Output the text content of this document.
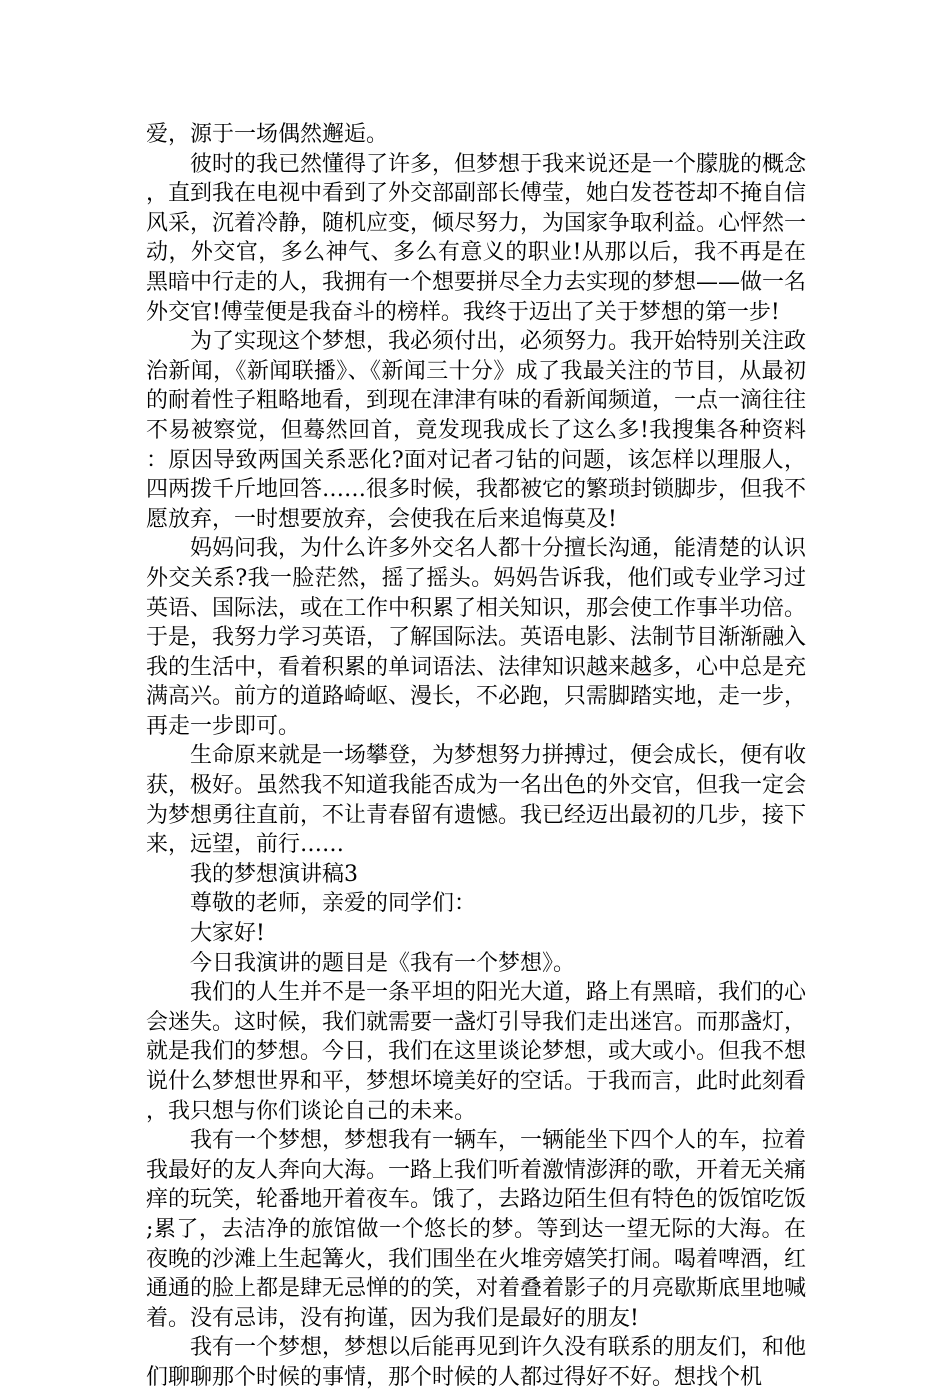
爱，源于一场偶然邂逅。

彼时的我已然懂得了许多，但梦想于我来说还是一个朦胧的概念，直到我在电视中看到了外交部副部长傅莹，她白发苍苍却不掩自信风采，沉着冷静，随机应变，倾尽努力，为国家争取利益。心怦然一动，外交官，多么神气、多么有意义的职业!从那以后，我不再是在黑暗中行走的人，我拥有一个想要拼尽全力去实现的梦想——做一名外交官!傅莹便是我奋斗的榜样。我终于迈出了关于梦想的第一步!

为了实现这个梦想，我必须付出，必须努力。我开始特别关注政治新闻，《新闻联播》、《新闻三十分》成了我最关注的节目，从最初的耐着性子粗略地看，到现在津津有味的看新闻频道，一点一滴往往不易被察觉，但蓦然回首，竟发现我成长了这么多!我搜集各种资料：原因导致两国关系恶化?面对记者刁钻的问题，该怎样以理服人，四两拨千斤地回答……很多时候，我都被它的繁琐封锁脚步，但我不愿放弃，一时想要放弃，会使我在后来追悔莫及!

妈妈问我，为什么许多外交名人都十分擅长沟通，能清楚的认识外交关系?我一脸茫然，摇了摇头。妈妈告诉我，他们或专业学习过英语、国际法，或在工作中积累了相关知识，那会使工作事半功倍。于是，我努力学习英语，了解国际法。英语电影、法制节目渐渐融入我的生活中，看着积累的单词语法、法律知识越来越多，心中总是充满高兴。前方的道路崎岖、漫长，不必跑，只需脚踏实地，走一步，再走一步即可。

生命原来就是一场攀登，为梦想努力拼搏过，便会成长，便有收获，极好。虽然我不知道我能否成为一名出色的外交官，但我一定会为梦想勇往直前，不让青春留有遗憾。我已经迈出最初的几步，接下来，远望，前行……

我的梦想演讲稿3

尊敬的老师，亲爱的同学们：

大家好!

今日我演讲的题目是《我有一个梦想》。

我们的人生并不是一条平坦的阳光大道，路上有黑暗，我们的心会迷失。这时候，我们就需要一盏灯引导我们走出迷宫。而那盏灯，就是我们的梦想。今日，我们在这里谈论梦想，或大或小。但我不想说什么梦想世界和平，梦想坏境美好的空话。于我而言，此时此刻看，我只想与你们谈论自己的未来。

我有一个梦想，梦想我有一辆车，一辆能坐下四个人的车，拉着我最好的友人奔向大海。一路上我们听着激情澎湃的歌，开着无关痛痒的玩笑，轮番地开着夜车。饿了，去路边陌生但有特色的饭馆吃饭;累了，去洁净的旅馆做一个悠长的梦。等到达一望无际的大海。在夜晚的沙滩上生起篝火，我们围坐在火堆旁嬉笑打闹。喝着啤酒，红通通的脸上都是肆无忌惮的的笑，对着叠着影子的月亮歇斯底里地喊着。没有忌讳，没有拘谨，因为我们是最好的朋友!

我有一个梦想，梦想以后能再见到许久没有联系的朋友们，和他们聊聊那个时候的事情，那个时候的人都过得好不好。想找个机
